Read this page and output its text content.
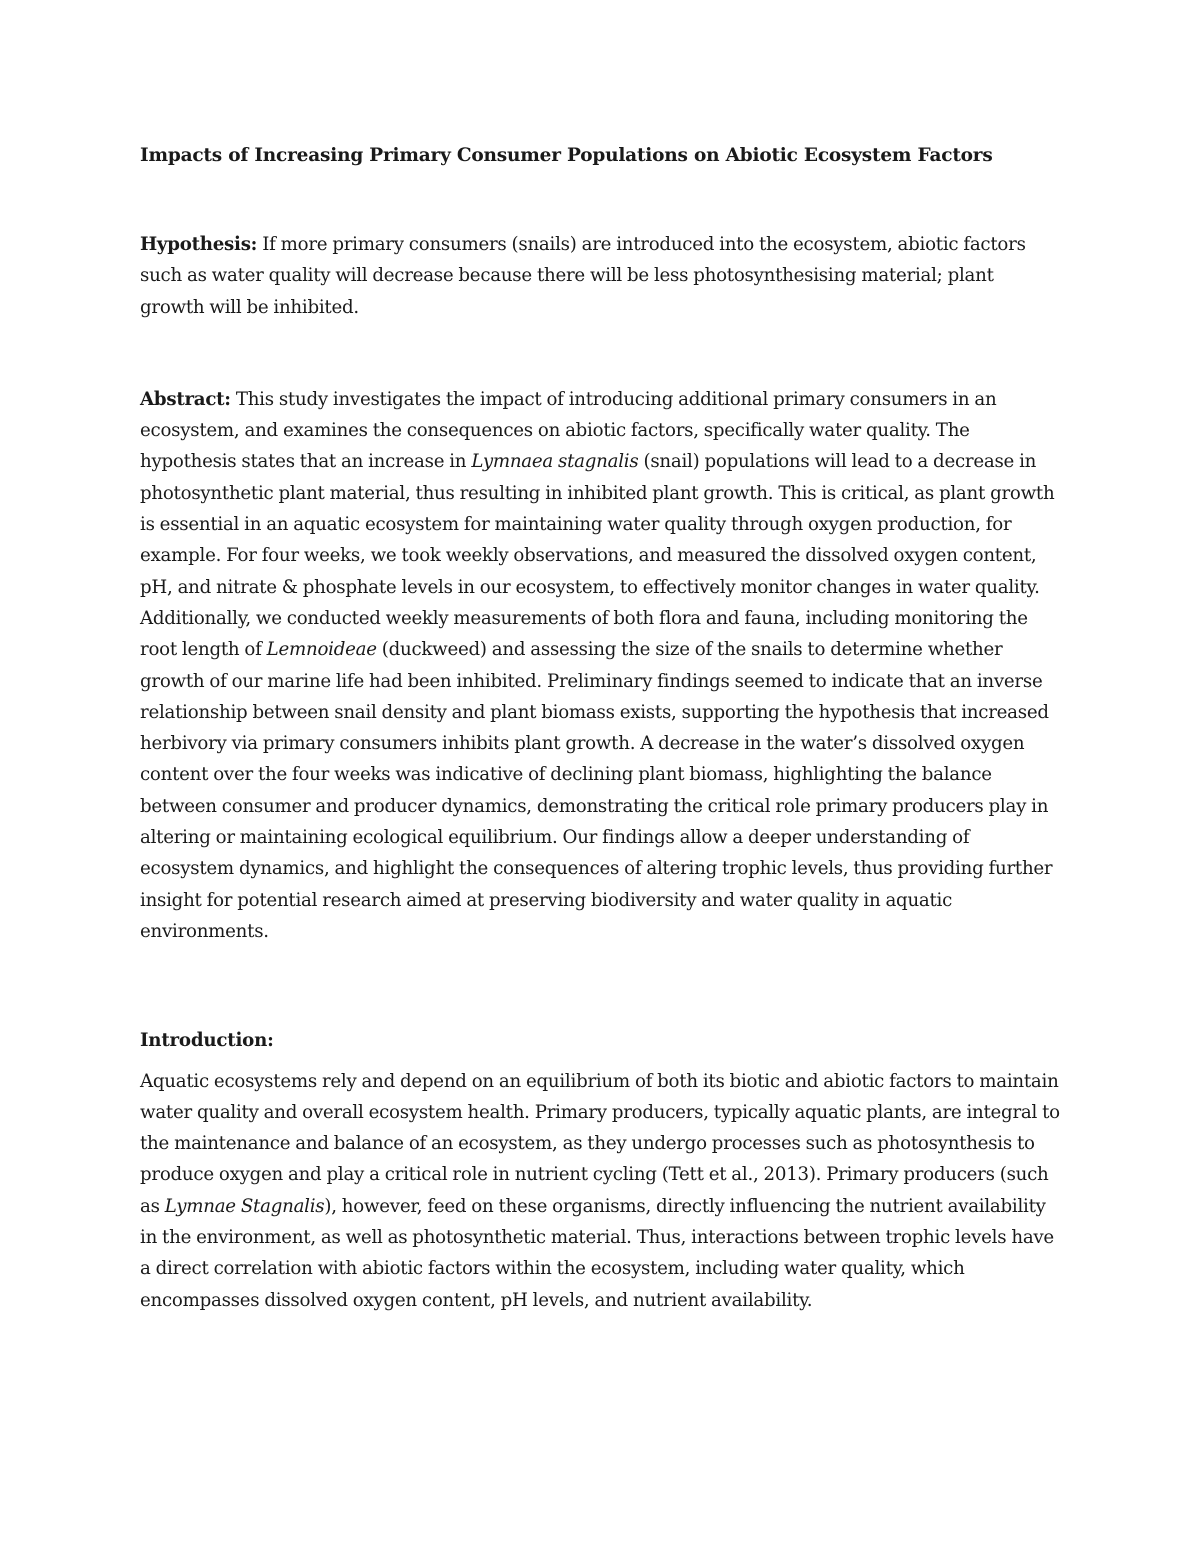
Impacts of Increasing Primary Consumer Populations on Abiotic Ecosystem Factors

Hypothesis: If more primary consumers (snails) are introduced into the ecosystem, abiotic factors such as water quality will decrease because there will be less photosynthesising material; plant growth will be inhibited.

Abstract: This study investigates the impact of introducing additional primary consumers in an ecosystem, and examines the consequences on abiotic factors, specifically water quality. The hypothesis states that an increase in Lymnaea stagnalis (snail) populations will lead to a decrease in photosynthetic plant material, thus resulting in inhibited plant growth. This is critical, as plant growth is essential in an aquatic ecosystem for maintaining water quality through oxygen production, for example. For four weeks, we took weekly observations, and measured the dissolved oxygen content, pH, and nitrate & phosphate levels in our ecosystem, to effectively monitor changes in water quality. Additionally, we conducted weekly measurements of both flora and fauna, including monitoring the root length of Lemnoideae (duckweed) and assessing the size of the snails to determine whether growth of our marine life had been inhibited. Preliminary findings seemed to indicate that an inverse relationship between snail density and plant biomass exists, supporting the hypothesis that increased herbivory via primary consumers inhibits plant growth. A decrease in the water’s dissolved oxygen content over the four weeks was indicative of declining plant biomass, highlighting the balance between consumer and producer dynamics, demonstrating the critical role primary producers play in altering or maintaining ecological equilibrium. Our findings allow a deeper understanding of ecosystem dynamics, and highlight the consequences of altering trophic levels, thus providing further insight for potential research aimed at preserving biodiversity and water quality in aquatic environments.

Introduction:

Aquatic ecosystems rely and depend on an equilibrium of both its biotic and abiotic factors to maintain water quality and overall ecosystem health. Primary producers, typically aquatic plants, are integral to the maintenance and balance of an ecosystem, as they undergo processes such as photosynthesis to produce oxygen and play a critical role in nutrient cycling (Tett et al., 2013). Primary producers (such as Lymnae Stagnalis), however, feed on these organisms, directly influencing the nutrient availability in the environment, as well as photosynthetic material. Thus, interactions between trophic levels have a direct correlation with abiotic factors within the ecosystem, including water quality, which encompasses dissolved oxygen content, pH levels, and nutrient availability.
